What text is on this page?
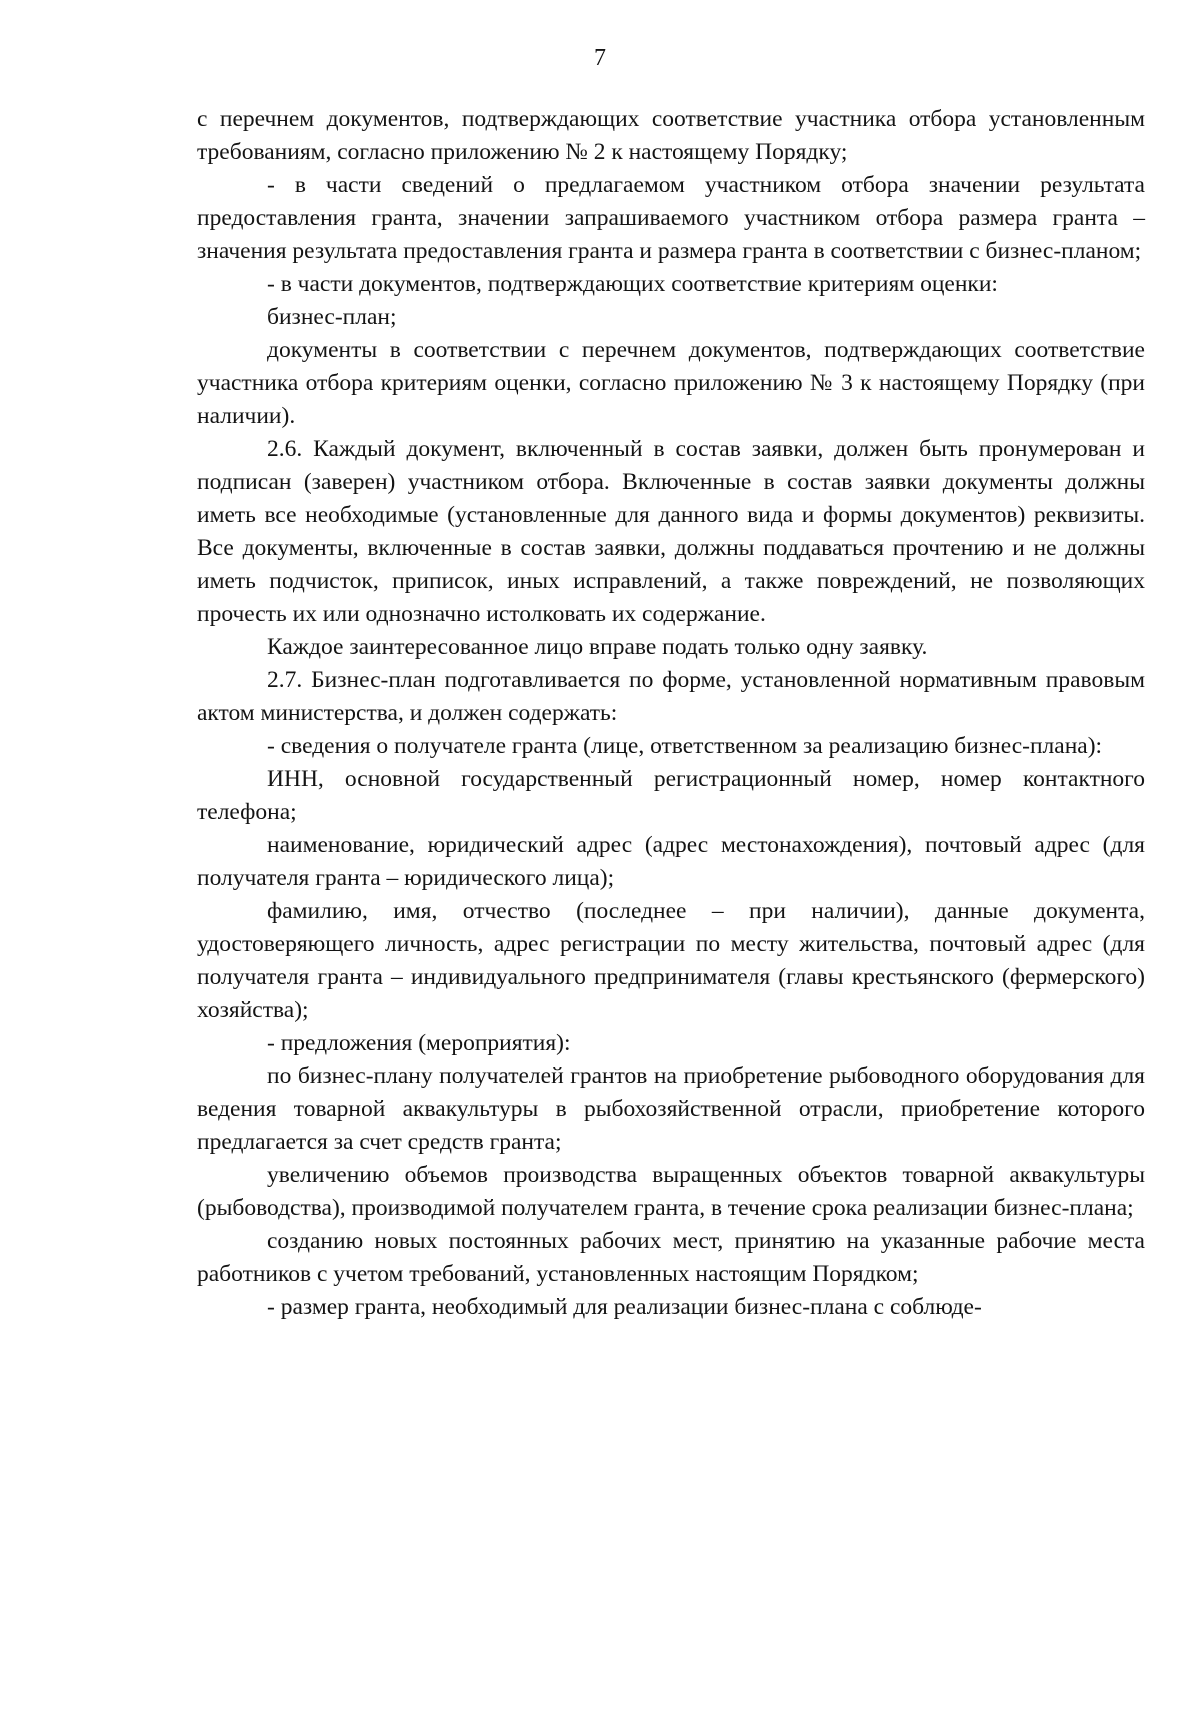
7

с перечнем документов, подтверждающих соответствие участника отбора установленным требованиям, согласно приложению № 2 к настоящему Порядку;

- в части сведений о предлагаемом участником отбора значении результата предоставления гранта, значении запрашиваемого участником отбора размера гранта – значения результата предоставления гранта и размера гранта в соответствии с бизнес-планом;

- в части документов, подтверждающих соответствие критериям оценки:

бизнес-план;

документы в соответствии с перечнем документов, подтверждающих соответствие участника отбора критериям оценки, согласно приложению № 3 к настоящему Порядку (при наличии).

2.6. Каждый документ, включенный в состав заявки, должен быть пронумерован и подписан (заверен) участником отбора. Включенные в состав заявки документы должны иметь все необходимые (установленные для данного вида и формы документов) реквизиты. Все документы, включенные в состав заявки, должны поддаваться прочтению и не должны иметь подчисток, приписок, иных исправлений, а также повреждений, не позволяющих прочесть их или однозначно истолковать их содержание.

Каждое заинтересованное лицо вправе подать только одну заявку.

2.7. Бизнес-план подготавливается по форме, установленной нормативным правовым актом министерства, и должен содержать:

- сведения о получателе гранта (лице, ответственном за реализацию бизнес-плана):

ИНН, основной государственный регистрационный номер, номер контактного телефона;

наименование, юридический адрес (адрес местонахождения), почтовый адрес (для получателя гранта – юридического лица);

фамилию, имя, отчество (последнее – при наличии), данные документа, удостоверяющего личность, адрес регистрации по месту жительства, почтовый адрес (для получателя гранта – индивидуального предпринимателя (главы крестьянского (фермерского) хозяйства);

- предложения (мероприятия):

по бизнес-плану получателей грантов на приобретение рыбоводного оборудования для ведения товарной аквакультуры в рыбохозяйственной отрасли, приобретение которого предлагается за счет средств гранта;

увеличению объемов производства выращенных объектов товарной аквакультуры (рыбоводства), производимой получателем гранта, в течение срока реализации бизнес-плана;

созданию новых постоянных рабочих мест, принятию на указанные рабочие места работников с учетом требований, установленных настоящим Порядком;

- размер гранта, необходимый для реализации бизнес-плана с соблюде-
